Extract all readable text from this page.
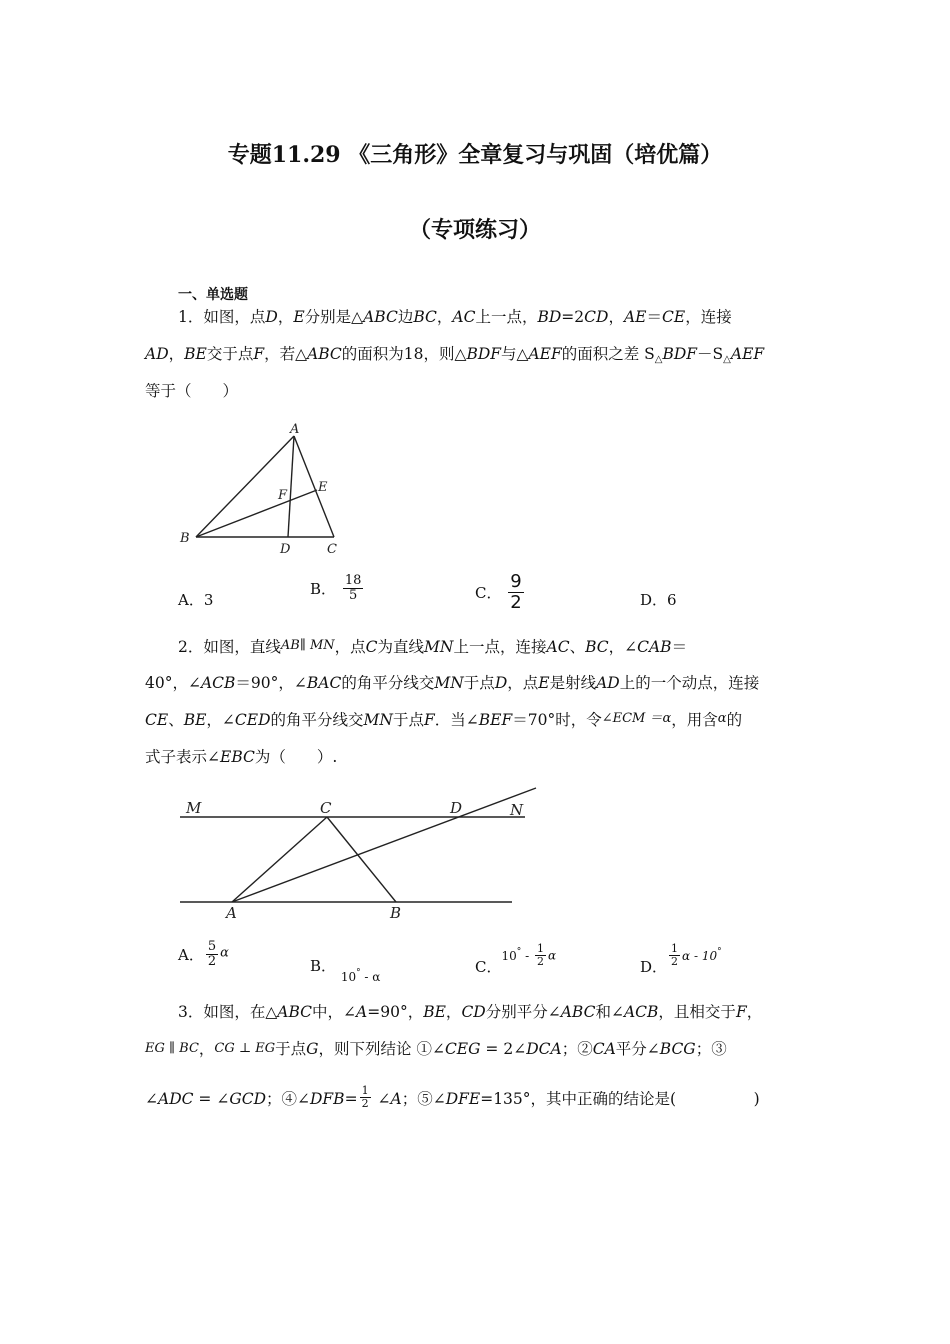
专题11.29 《三角形》全章复习与巩固（培优篇）
（专项练习）
一、单选题
1．如图，点D，E分别是△ABC边BC，AC上一点，BD=2CD，AE＝CE，连接
AD，BE交于点F，若△ABC的面积为18，则△BDF与△AEF的面积之差 $S_\triangle BDF-S_\triangle AEF$
等于（　　）
A
B
C
D
E
F
A．3
B． $\frac{18}{5}$	C． $\frac{9}{2}$	D．6
2．如图，直线AB∥ MN，点C为直线MN上一点，连接AC、BC，∠CAB＝
40°，∠ACB＝90°，∠BAC的角平分线交MN于点D，点E是射线AD上的一个动点，连接
CE、BE，∠CED的角平分线交MN于点F．当∠BEF＝70°时，令∠ECM ＝α，用含α的
式子表示∠EBC为（　　）.
M	C	D	N
A	B
A． $\frac{5}{2}$ α
B． $_{10^\circ - \alpha}$
C．$10^\circ - \frac{1}{2}$ α
D． $\frac{1}{2}$ α - 10°
3．如图，在△ABC中，∠A=90°，BE，CD分别平分∠ABC和∠ACB，且相交于F，
EG ∥ BC，CG ⊥ EG于点G，则下列结论 ①∠CEG = 2∠DCA；②CA平分∠BCG；③
∠ADC = ∠GCD；④∠DFB= $\frac{1}{2}$ ∠A；⑤∠DFE=135°，其中正确的结论是(　　　　　)
